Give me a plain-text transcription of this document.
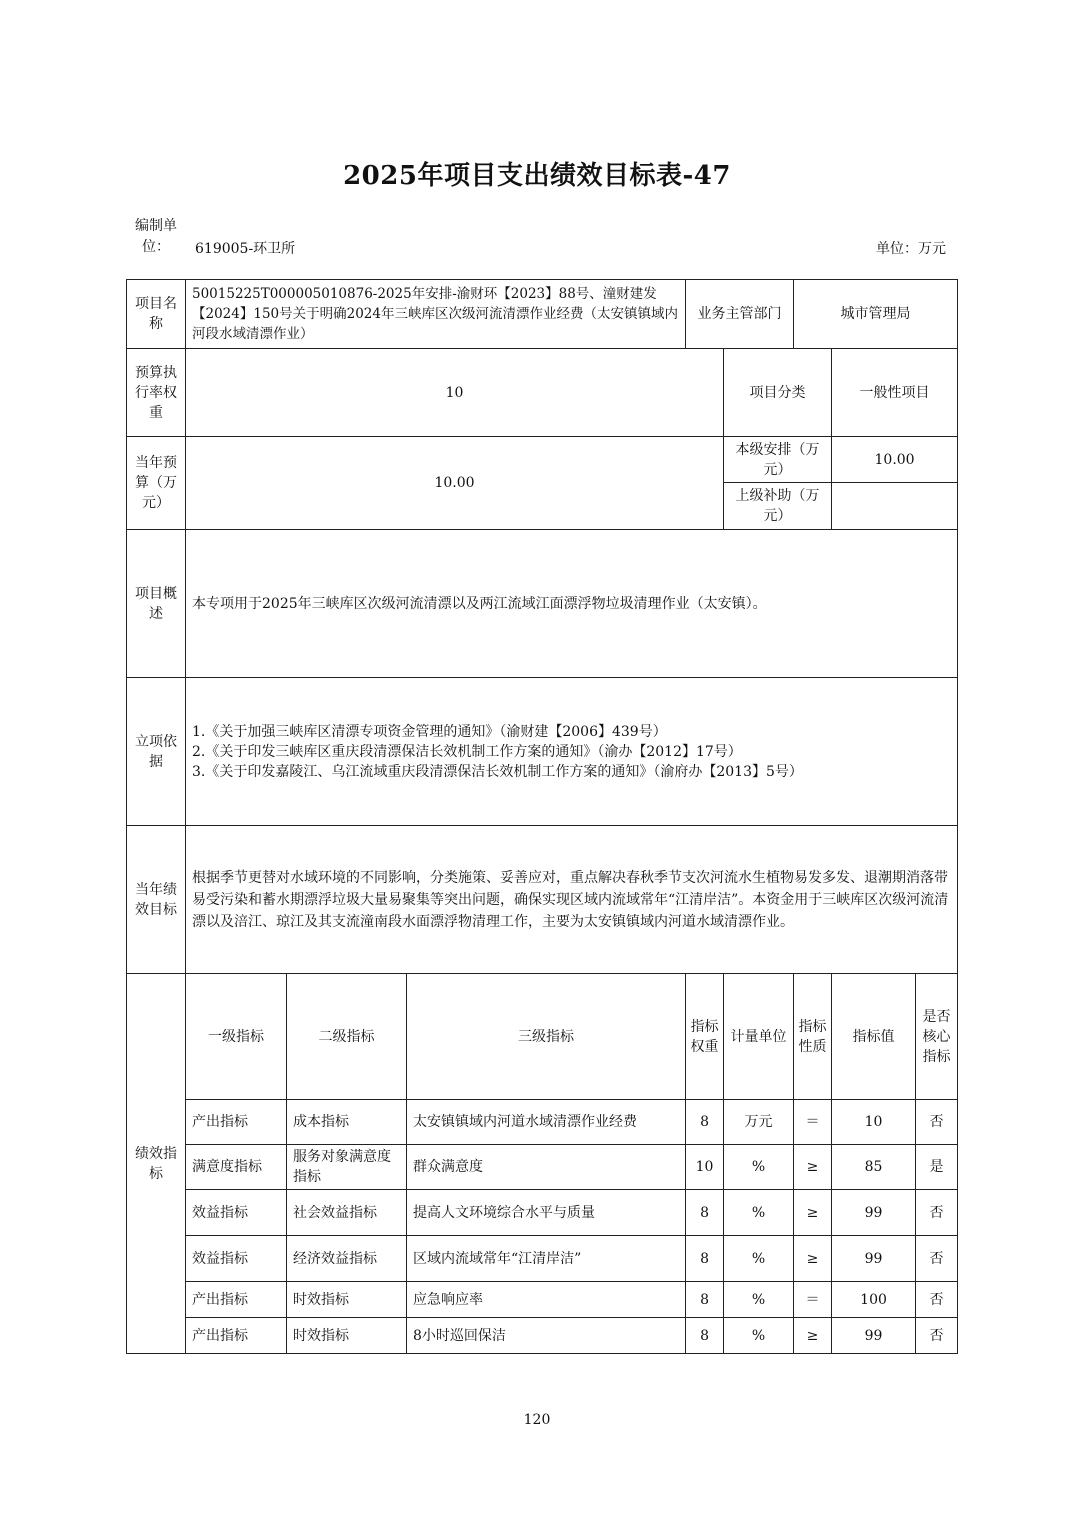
2025年项目支出绩效目标表-47
编制单位：	619005-环卫所	单位：万元
项目名称	50015225T000005010876-2025年安排-渝财环【2023】88号、潼财建发【2024】150号关于明确2024年三峡库区次级河流清漂作业经费（太安镇镇域内河段水域清漂作业）			业务主管部门		城市管理局		
预算执行率权重	10				项目分类		一般性项目	
当年预算（万元）	10.00				本级安排（万元）		10.00	
					上级补助（万元）			
项目概述	本专项用于2025年三峡库区次级河流清漂以及两江流域江面漂浮物垃圾清理作业（太安镇）。							
立项依据	1.《关于加强三峡库区清漂专项资金管理的通知》（渝财建【2006】439号）
2.《关于印发三峡库区重庆段清漂保洁长效机制工作方案的通知》（渝办【2012】17号）
3.《关于印发嘉陵江、乌江流域重庆段清漂保洁长效机制工作方案的通知》（渝府办【2013】5号）							

当年绩效目标	根据季节更替对水域环境的不同影响，分类施策、妥善应对，重点解决春秋季节支次河流水生植物易发多发、退潮期消落带易受污染和蓄水期漂浮垃圾大量易聚集等突出问题，确保实现区域内流域常年“江清岸洁”。本资金用于三峡库区次级河流清漂以及涪江、琼江及其支流潼南段水面漂浮物清理工作，主要为太安镇镇域内河道水域清漂作业。							
绩效指标	一级指标	二级指标	三级指标	指标权重	计量单位	指标性质	指标值	是否核心指标
	产出指标	成本指标	太安镇镇域内河道水域清漂作业经费	8	万元	＝	10	否
	满意度指标	服务对象满意度指标	群众满意度	10	%	≥	85	是
	效益指标	社会效益指标	提高人文环境综合水平与质量	8	%	≥	99	否
	效益指标	经济效益指标	区域内流域常年“江清岸洁”	8	%	≥	99	否
	产出指标	时效指标	应急响应率	8	%	＝	100	否
	产出指标	时效指标	8小时巡回保洁	8	%	≥	99	否
120
